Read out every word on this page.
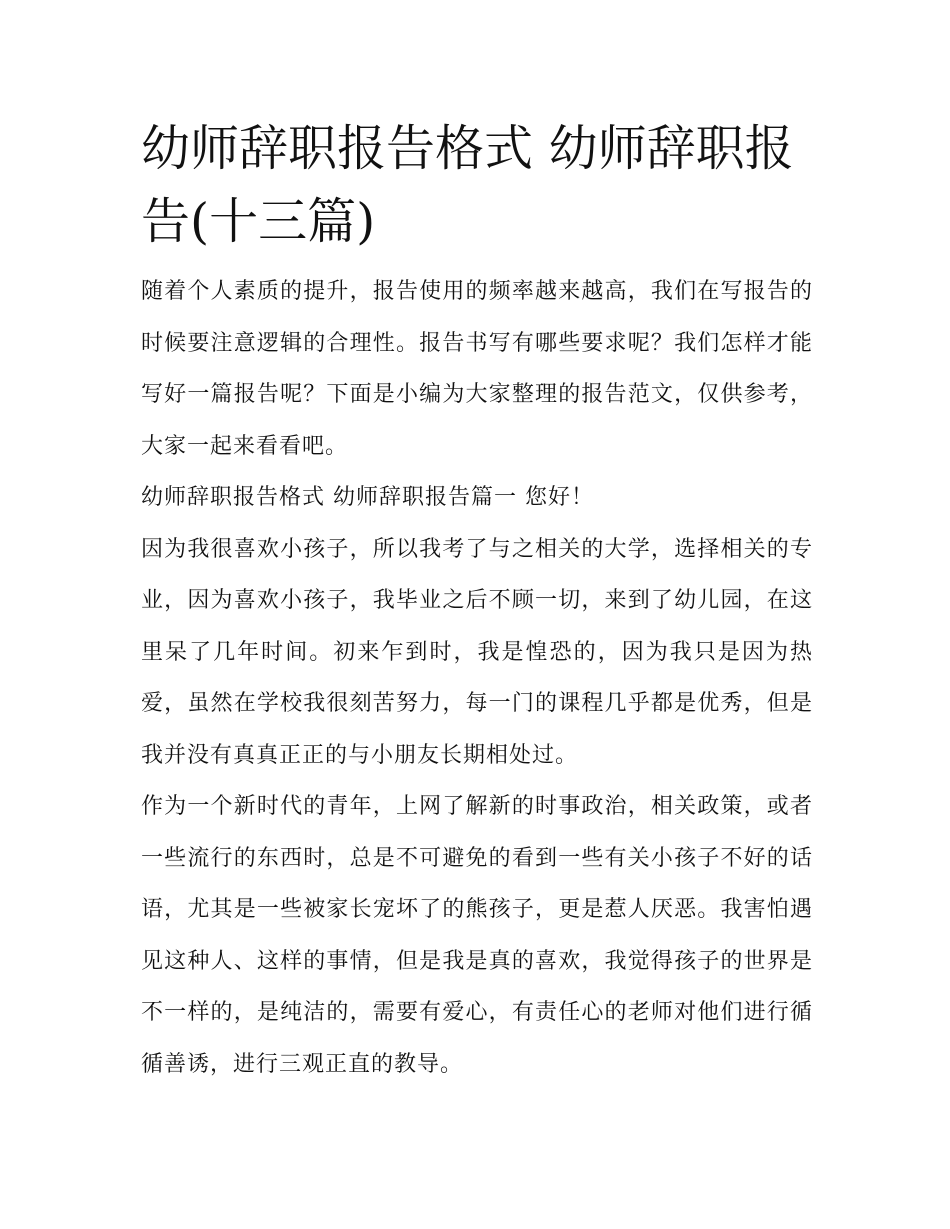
幼师辞职报告格式 幼师辞职报告(十三篇)

随着个人素质的提升，报告使用的频率越来越高，我们在写报告的时候要注意逻辑的合理性。报告书写有哪些要求呢？我们怎样才能写好一篇报告呢？下面是小编为大家整理的报告范文，仅供参考，大家一起来看看吧。

幼师辞职报告格式 幼师辞职报告篇一 您好！

因为我很喜欢小孩子，所以我考了与之相关的大学，选择相关的专业，因为喜欢小孩子，我毕业之后不顾一切，来到了幼儿园，在这里呆了几年时间。初来乍到时，我是惶恐的，因为我只是因为热爱，虽然在学校我很刻苦努力，每一门的课程几乎都是优秀，但是我并没有真真正正的与小朋友长期相处过。

作为一个新时代的青年，上网了解新的时事政治，相关政策，或者一些流行的东西时，总是不可避免的看到一些有关小孩子不好的话语，尤其是一些被家长宠坏了的熊孩子，更是惹人厌恶。我害怕遇见这种人、这样的事情，但是我是真的喜欢，我觉得孩子的世界是不一样的，是纯洁的，需要有爱心，有责任心的老师对他们进行循循善诱，进行三观正直的教导。
